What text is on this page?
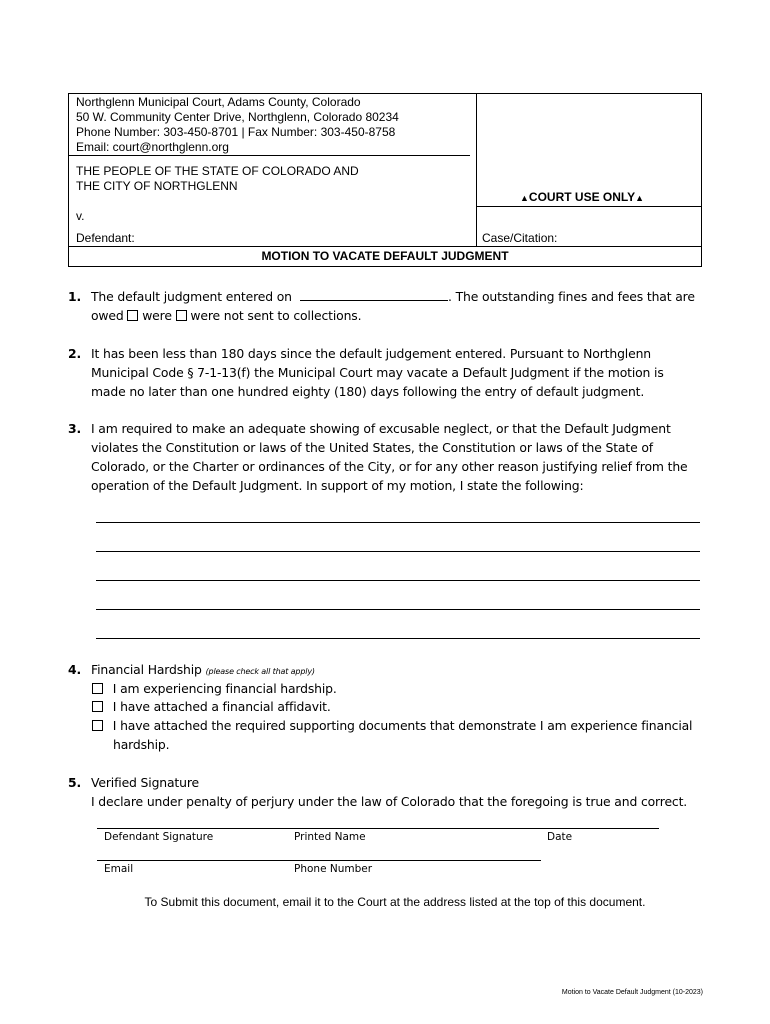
Northglenn Municipal Court, Adams County, Colorado
50 W. Community Center Drive, Northglenn, Colorado 80234
Phone Number: 303-450-8701 | Fax Number: 303-450-8758
Email: court@northglenn.org
THE PEOPLE OF THE STATE OF COLORADO AND
THE CITY OF NORTHGLENN
v.
Defendant:
▲COURT USE ONLY▲
Case/Citation:
MOTION TO VACATE DEFAULT JUDGMENT
1. The default judgment entered on	. The outstanding fines and fees that are
owed were were not sent to collections.
2. It has been less than 180 days since the default judgement entered. Pursuant to Northglenn
Municipal Code § 7-1-13(f) the Municipal Court may vacate a Default Judgment if the motion is
made no later than one hundred eighty (180) days following the entry of default judgment.
3. I am required to make an adequate showing of excusable neglect, or that the Default Judgment
violates the Constitution or laws of the United States, the Constitution or laws of the State of
Colorado, or the Charter or ordinances of the City, or for any other reason justifying relief from the
operation of the Default Judgment. In support of my motion, I state the following:
4. Financial Hardship (please check all that apply)
I am experiencing financial hardship.
I have attached a financial affidavit.
I have attached the required supporting documents that demonstrate I am experience financial
hardship.
5. Verified Signature
I declare under penalty of perjury under the law of Colorado that the foregoing is true and correct.
Defendant Signature	Printed Name	Date
Email	Phone Number
To Submit this document, email it to the Court at the address listed at the top of this document.
Motion to Vacate Default Judgment (10-2023)
